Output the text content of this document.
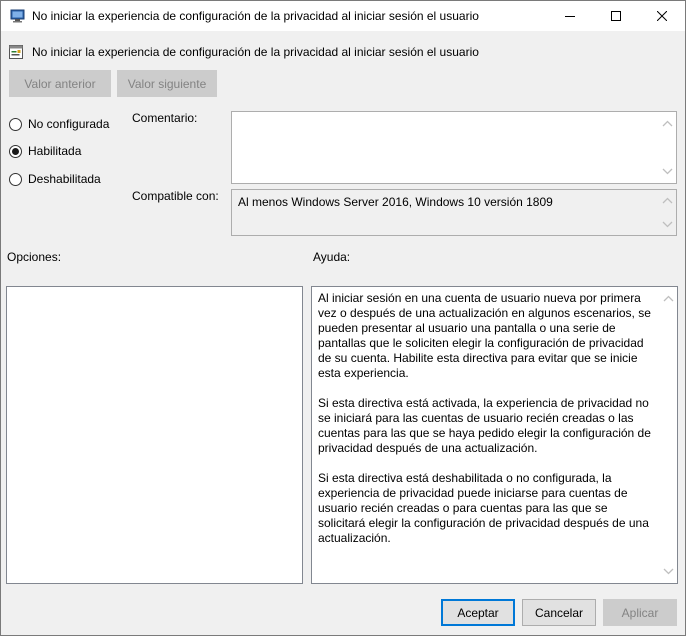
No iniciar la experiencia de configuración de la privacidad al iniciar sesión el usuario
No iniciar la experiencia de configuración de la privacidad al iniciar sesión el usuario
Valor anterior	Valor siguiente
No configurada
Habilitada
Deshabilitada
Comentario:
Compatible con: Al menos Windows Server 2016, Windows 10 versión 1809
Opciones:	Ayuda:

Al iniciar sesión en una cuenta de usuario nueva por primera vez o después de una actualización en algunos escenarios, se pueden presentar al usuario una pantalla o una serie de pantallas que le soliciten elegir la configuración de privacidad de su cuenta. Habilite esta directiva para evitar que se inicie esta experiencia.

Si esta directiva está activada, la experiencia de privacidad no se iniciará para las cuentas de usuario recién creadas o las cuentas para las que se haya pedido elegir la configuración de privacidad después de una actualización.

Si esta directiva está deshabilitada o no configurada, la experiencia de privacidad puede iniciarse para cuentas de usuario recién creadas o para cuentas para las que se solicitará elegir la configuración de privacidad después de una actualización.

Aceptar	Cancelar	Aplicar
